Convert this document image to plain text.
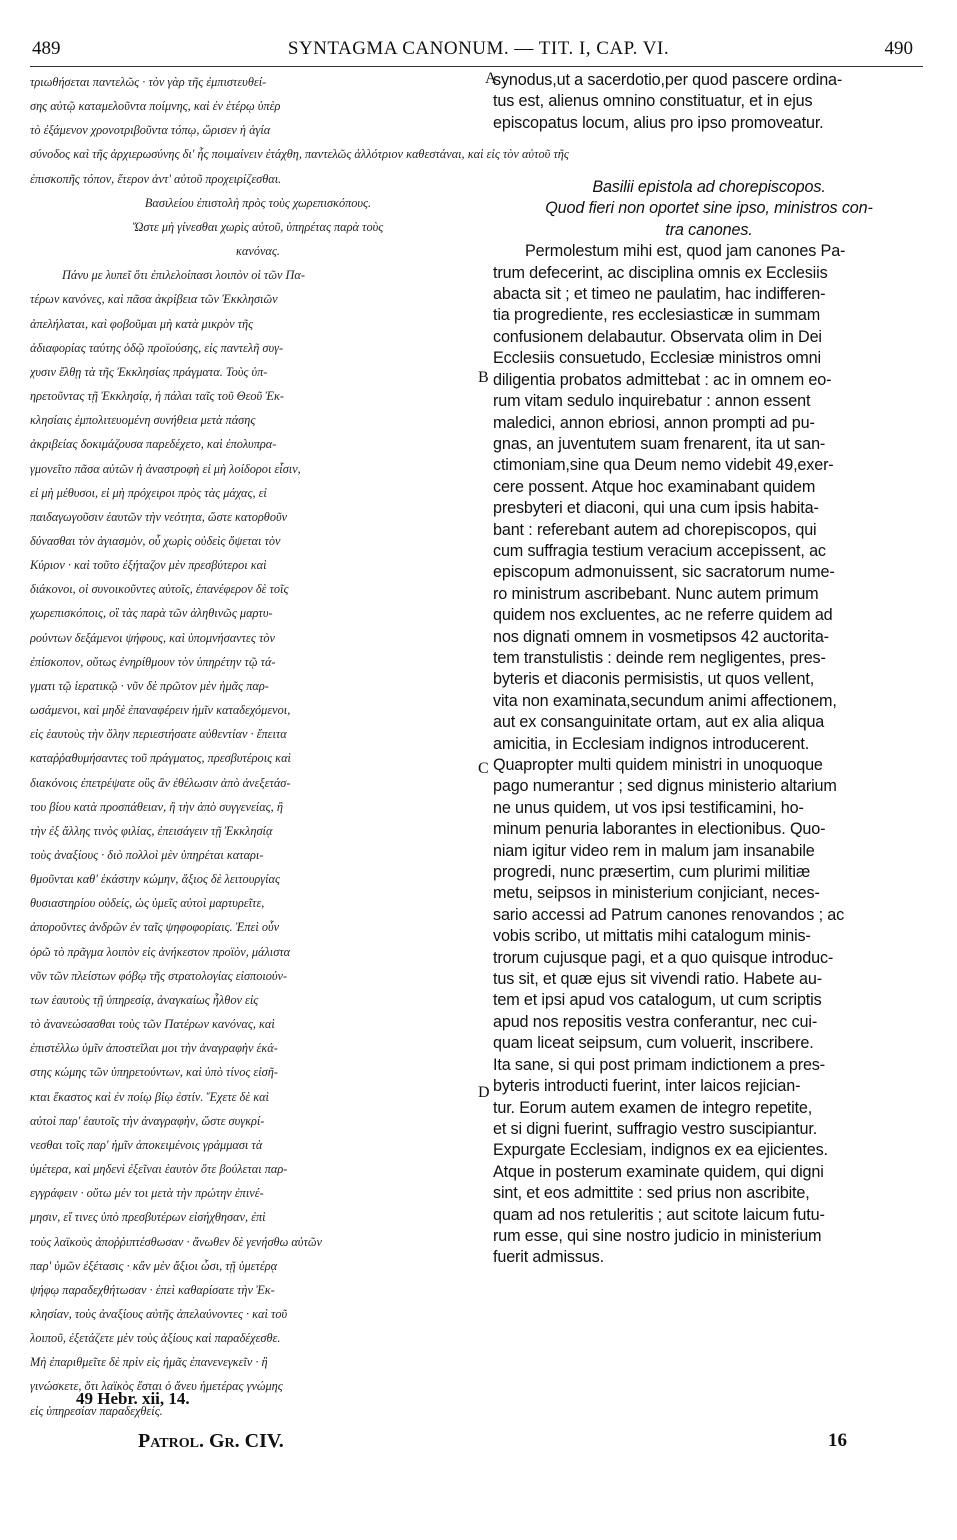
489	SYNTAGMA CANONUM. — TIT. I, CAP. VI.	490
τριωθήσεται παντελῶς · τὸν γὰρ τῆς ἐμπιστευθεί-
σης αὐτῷ καταμελοῦντα ποίμνης, καὶ ἐν ἑτέρῳ ὑπὲρ
τὸ ἐξάμενον χρονοτριβοῦντα τόπῳ, ὥρισεν ἡ ἁγία
σύνοδος καὶ τῆς ἀρχιερωσύνης δι' ἧς ποιμαίνειν ἐτάχθη, παντελῶς ἀλλότριον καθεστάναι, καὶ εἰς τὸν αὐτοῦ τῆς
ἐπισκοπῆς τόπον, ἕτερον ἀντ' αὐτοῦ προχειρίζεσθαι.
Βασιλείου ἐπιστολὴ πρὸς τοὺς χωρεπισκόπους.
Ὥστε μὴ γίνεσθαι χωρὶς αὐτοῦ, ὑπηρέτας παρὰ τοὺς
κανόνας.
Πάνυ με λυπεῖ ὅτι ἐπιλελοίπασι λοιπὸν οἱ τῶν Πα-
τέρων κανόνες, καὶ πᾶσα ἀκρίβεια τῶν Ἐκκλησιῶν
ἀπελήλαται, καὶ φοβοῦμαι μὴ κατὰ μικρὸν τῆς
ἀδιαφορίας ταύτης ὁδῷ προϊούσης, εἰς παντελῆ συγ-
χυσιν ἔλθῃ τὰ τῆς Ἐκκλησίας πράγματα. Τοὺς ὑπ-
ηρετοῦντας τῇ Ἐκκλησίᾳ, ἡ πάλαι ταῖς τοῦ Θεοῦ Ἐκ-
κλησίαις ἐμπολιτευομένη συνήθεια μετὰ πάσης
ἀκριβείας δοκιμάζουσα παρεδέχετο, καὶ ἐπολυπρα-
γμονεῖτο πᾶσα αὐτῶν ἡ ἀναστροφὴ εἰ μὴ λοίδοροι εἶσιν,
εἰ μὴ μέθυσοι, εἰ μὴ πρόχειροι πρὸς τὰς μάχας, εἰ
παιδαγωγοῦσιν ἑαυτῶν τὴν νεότητα, ὥστε κατορθοῦν
δύνασθαι τὸν ἁγιασμὸν, οὗ χωρὶς οὐδεὶς ὄψεται τὸν
Κύριον · καὶ τοῦτο ἐξήταζον μὲν πρεσβύτεροι καὶ
διάκονοι, οἱ συνοικοῦντες αὐτοῖς, ἐπανέφερον δὲ τοῖς
χωρεπισκόποις, οἳ τὰς παρὰ τῶν ἀληθινῶς μαρτυ-
ρούντων δεξάμενοι ψήφους, καὶ ὑπομνήσαντες τὸν
ἐπίσκοπον, οὕτως ἐνηρίθμουν τὸν ὑπηρέτην τῷ τά-
γματι τῷ ἱερατικῷ · νῦν δὲ πρῶτον μὲν ἡμᾶς παρ-
ωσάμενοι, καὶ μηδὲ ἐπαναφέρειν ἡμῖν καταδεχόμενοι,
εἰς ἑαυτοὺς τὴν ὅλην περιεστήσατε αὐθεντίαν · ἔπειτα
καταῤῥαθυμήσαντες τοῦ πράγματος, πρεσβυτέροις καὶ
διακόνοις ἐπετρέψατε οὓς ἂν ἐθέλωσιν ἀπὸ ἀνεξετάσ-
του βίου κατὰ προσπάθειαν, ἢ τὴν ἀπὸ συγγενείας, ἢ
τὴν ἐξ ἄλλης τινὸς φιλίας, ἐπεισάγειν τῇ Ἐκκλησίᾳ
τοὺς ἀναξίους · διὸ πολλοὶ μὲν ὑπηρέται καταρι-
θμοῦνται καθ' ἑκάστην κώμην, ἄξιος δὲ λειτουργίας
θυσιαστηρίου οὐδείς, ὡς ὑμεῖς αὐτοὶ μαρτυρεῖτε,
ἀποροῦντες ἀνδρῶν ἐν ταῖς ψηφοφορίαις. Ἐπεὶ οὖν
ὁρῶ τὸ πρᾶγμα λοιπὸν εἰς ἀνήκεστον προϊὸν, μάλιστα
νῦν τῶν πλείστων φόβῳ τῆς στρατολογίας εἰσποιούν-
των ἑαυτοὺς τῇ ὑπηρεσίᾳ, ἀναγκαίως ἦλθον εἰς
τὸ ἀνανεώσασθαι τοὺς τῶν Πατέρων κανόνας, καὶ
ἐπιστέλλω ὑμῖν ἀποστεῖλαι μοι τὴν ἀναγραφὴν ἑκά-
στης κώμης τῶν ὑπηρετούντων, καὶ ὑπὸ τίνος εἰσῆ-
κται ἕκαστος καὶ ἐν ποίῳ βίῳ ἐστίν. Ἔχετε δὲ καὶ
αὐτοὶ παρ' ἑαυτοῖς τὴν ἀναγραφὴν, ὥστε συγκρί-
νεσθαι τοῖς παρ' ἡμῖν ἀποκειμένοις γράμμασι τὰ
ὑμέτερα, καὶ μηδενὶ ἐξεῖναι ἑαυτὸν ὅτε βούλεται παρ-
εγγράφειν · οὕτω μέν τοι μετὰ τὴν πρώτην ἐπινέ-
μησιν, εἴ τινες ὑπὸ πρεσβυτέρων εἰσήχθησαν, ἐπὶ
τοὺς λαϊκοὺς ἀποῤῥιπτέσθωσαν · ἄνωθεν δὲ γενήσθω αὐτῶν
παρ' ὑμῶν ἐξέτασις · κἂν μὲν ἄξιοι ὦσι, τῇ ὑμετέρᾳ
ψήφῳ παραδεχθήτωσαν · ἐπεὶ καθαρίσατε τὴν Ἐκ-
κλησίαν, τοὺς ἀναξίους αὐτῆς ἀπελαύνοντες · καὶ τοῦ
λοιποῦ, ἐξετάζετε μὲν τοὺς ἀξίους καὶ παραδέχεσθε.
Μὴ ἐπαριθμεῖτε δὲ πρὶν εἰς ἡμᾶς ἐπανενεγκεῖν · ἢ
γινώσκετε, ὅτι λαϊκὸς ἔσται ὁ ἄνευ ἡμετέρας γνώμης
εἰς ὑπηρεσίαν παραδεχθείς.
synodus,ut a sacerdotio,per quod pascere ordina-
tus est, alienus omnino constituatur, et in ejus
episcopatus locum, alius pro ipso promoveatur.

Basilii epistola ad chorepiscopos.
Quod fieri non oportet sine ipso, ministros con-
tra canones.
Permolestum mihi est, quod jam canones Pa-
trum defecerint, ac disciplina omnis ex Ecclesiis
abacta sit ; et timeo ne paulatim, hac indifferen-
tia progrediente, res ecclesiasticæ in summam
confusionem delabautur. Observata olim in Dei
Ecclesiis consuetudo, Ecclesiæ ministros omni
diligentia probatos admittebat : ac in omnem eo-
rum vitam sedulo inquirebatur : annon essent
maledici, annon ebriosi, annon prompti ad pu-
gnas, an juventutem suam frenarent, ita ut san-
ctimoniam,sine qua Deum nemo videbit 49,exer-
cere possent. Atque hoc examinabant quidem
presbyteri et diaconi, qui una cum ipsis habita-
bant : referebant autem ad chorepiscopos, qui
cum suffragia testium veracium accepissent, ac
episcopum admonuissent, sic sacratorum nume-
ro ministrum ascribebant. Nunc autem primum
quidem nos excluentes, ac ne referre quidem ad
nos dignati omnem in vosmetipsos 42 auctorita-
tem transtulistis : deinde rem negligentes, pres-
byteris et diaconis permisistis, ut quos vellent,
vita non examinata,secundum animi affectionem,
aut ex consanguinitate ortam, aut ex alia aliqua
amicitia, in Ecclesiam indignos introducerent.
Quapropter multi quidem ministri in unoquoque
pago numerantur ; sed dignus ministerio altarium
ne unus quidem, ut vos ipsi testificamini, ho-
minum penuria laborantes in electionibus. Quo-
niam igitur video rem in malum jam insanabile
progredi, nunc præsertim, cum plurimi militiæ
metu, seipsos in ministerium conjiciant, neces-
sario accessi ad Patrum canones renovandos ; ac
vobis scribo, ut mittatis mihi catalogum minis-
trorum cujusque pagi, et a quo quisque introduc-
tus sit, et quæ ejus sit vivendi ratio. Habete au-
tem et ipsi apud vos catalogum, ut cum scriptis
apud nos repositis vestra conferantur, nec cui-
quam liceat seipsum, cum voluerit, inscribere.
Ita sane, si qui post primam indictionem a pres-
byteris introducti fuerint, inter laicos rejician-
tur. Eorum autem examen de integro repetite,
et si digni fuerint, suffragio vestro suscipiantur.
Expurgate Ecclesiam, indignos ex ea ejicientes.
Atque in posterum examinate quidem, qui digni
sint, et eos admittite : sed prius non ascribite,
quam ad nos retuleritis ; aut scitote laicum futu-
rum esse, qui sine nostro judicio in ministerium
fuerit admissus.
A
B
C
D
49 Hebr. xii, 14.
Patrol. Gr. CIV.	16
